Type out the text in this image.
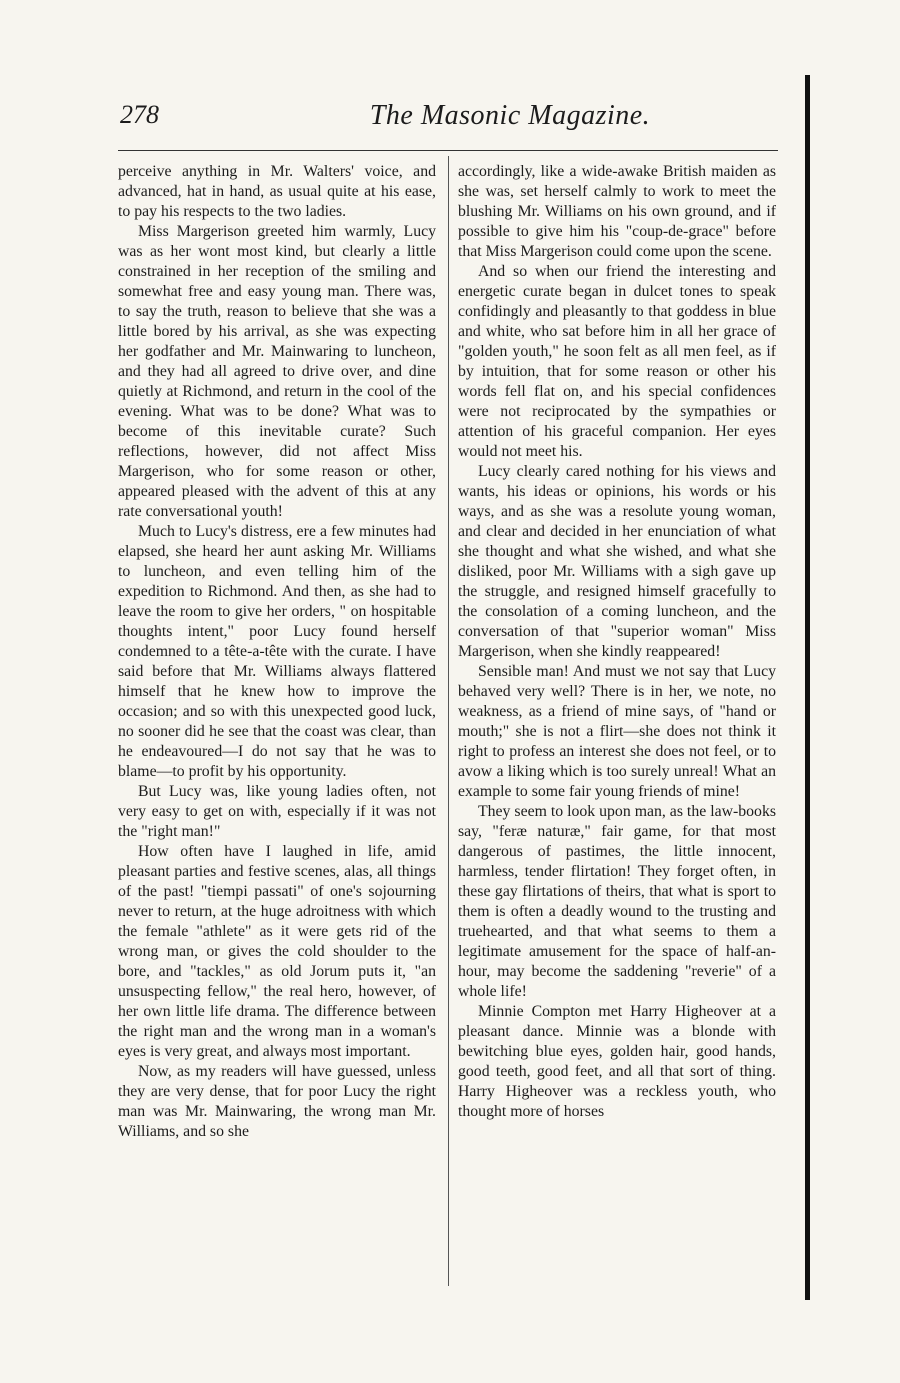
278	The Masonic Magazine.

perceive anything in Mr. Walters' voice, and advanced, hat in hand, as usual quite at his ease, to pay his respects to the two ladies.

Miss Margerison greeted him warmly, Lucy was as her wont most kind, but clearly a little constrained in her reception of the smiling and somewhat free and easy young man. There was, to say the truth, reason to believe that she was a little bored by his arrival, as she was expecting her godfather and Mr. Mainwaring to luncheon, and they had all agreed to drive over, and dine quietly at Richmond, and return in the cool of the evening. What was to be done? What was to become of this inevitable curate? Such reflections, however, did not affect Miss Margerison, who for some reason or other, appeared pleased with the advent of this at any rate conversational youth!

Much to Lucy's distress, ere a few minutes had elapsed, she heard her aunt asking Mr. Williams to luncheon, and even telling him of the expedition to Richmond. And then, as she had to leave the room to give her orders, " on hospitable thoughts intent," poor Lucy found herself condemned to a tête-a-tête with the curate. I have said before that Mr. Williams always flattered himself that he knew how to improve the occasion; and so with this unexpected good luck, no sooner did he see that the coast was clear, than he endeavoured—I do not say that he was to blame—to profit by his opportunity.

But Lucy was, like young ladies often, not very easy to get on with, especially if it was not the "right man!"

How often have I laughed in life, amid pleasant parties and festive scenes, alas, all things of the past! "tiempi passati" of one's sojourning never to return, at the huge adroitness with which the female "athlete" as it were gets rid of the wrong man, or gives the cold shoulder to the bore, and "tackles," as old Jorum puts it, "an unsuspecting fellow," the real hero, however, of her own little life drama. The difference between the right man and the wrong man in a woman's eyes is very great, and always most important.

Now, as my readers will have guessed, unless they are very dense, that for poor Lucy the right man was Mr. Mainwaring, the wrong man Mr. Williams, and so she

accordingly, like a wide-awake British maiden as she was, set herself calmly to work to meet the blushing Mr. Williams on his own ground, and if possible to give him his "coup-de-grace" before that Miss Margerison could come upon the scene.

And so when our friend the interesting and energetic curate began in dulcet tones to speak confidingly and pleasantly to that goddess in blue and white, who sat before him in all her grace of "golden youth," he soon felt as all men feel, as if by intuition, that for some reason or other his words fell flat on, and his special confidences were not reciprocated by the sympathies or attention of his graceful companion. Her eyes would not meet his.

Lucy clearly cared nothing for his views and wants, his ideas or opinions, his words or his ways, and as she was a resolute young woman, and clear and decided in her enunciation of what she thought and what she wished, and what she disliked, poor Mr. Williams with a sigh gave up the struggle, and resigned himself gracefully to the consolation of a coming luncheon, and the conversation of that "superior woman" Miss Margerison, when she kindly reappeared!

Sensible man! And must we not say that Lucy behaved very well? There is in her, we note, no weakness, as a friend of mine says, of "hand or mouth;" she is not a flirt—she does not think it right to profess an interest she does not feel, or to avow a liking which is too surely unreal! What an example to some fair young friends of mine!

They seem to look upon man, as the law-books say, "feræ naturæ," fair game, for that most dangerous of pastimes, the little innocent, harmless, tender flirtation! They forget often, in these gay flirtations of theirs, that what is sport to them is often a deadly wound to the trusting and truehearted, and that what seems to them a legitimate amusement for the space of half-an-hour, may become the saddening "reverie" of a whole life!

Minnie Compton met Harry Higheover at a pleasant dance. Minnie was a blonde with bewitching blue eyes, golden hair, good hands, good teeth, good feet, and all that sort of thing. Harry Higheover was a reckless youth, who thought more of horses
